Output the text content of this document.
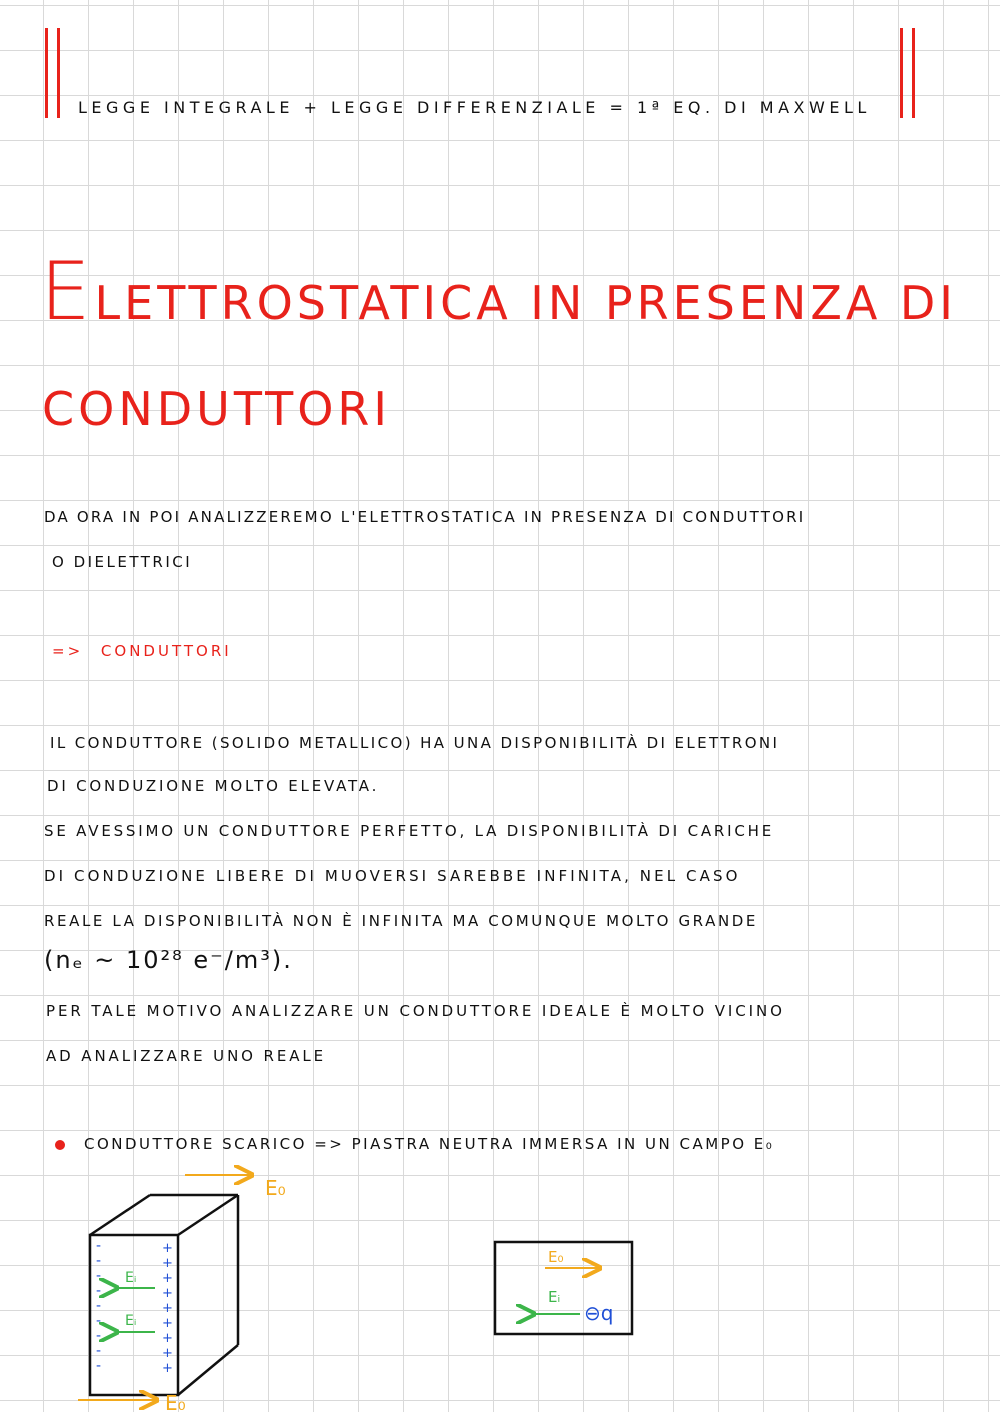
LEGGE INTEGRALE + LEGGE DIFFERENZIALE = 1ª EQ. DI MAXWELL
ELETTROSTATICA IN PRESENZA DI
CONDUTTORI
DA ORA IN POI ANALIZZEREMO L'ELETTROSTATICA IN PRESENZA DI CONDUTTORI
O DIELETTRICI
=> CONDUTTORI
IL CONDUTTORE (SOLIDO METALLICO) HA UNA DISPONIBILITÀ DI ELETTRONI
DI CONDUZIONE MOLTO ELEVATA.
SE AVESSIMO UN CONDUTTORE PERFETTO, LA DISPONIBILITÀ DI CARICHE
DI CONDUZIONE LIBERE DI MUOVERSI SAREBBE INFINITA, NEL CASO
REALE LA DISPONIBILITÀ NON È INFINITA MA COMUNQUE MOLTO GRANDE
(nₑ ~ 10²⁸ e⁻/m³).
PER TALE MOTIVO ANALIZZARE UN CONDUTTORE IDEALE È MOLTO VICINO
AD ANALIZZARE UNO REALE
CONDUTTORE SCARICO => PIASTRA NEUTRA IMMERSA IN UN CAMPO E₀
E₀
-
-
-
-
-
-
-
-
-
+
+
+
+
+
+
+
+
+
Eᵢ
Eᵢ
E₀
E₀
Eᵢ
⊖q
